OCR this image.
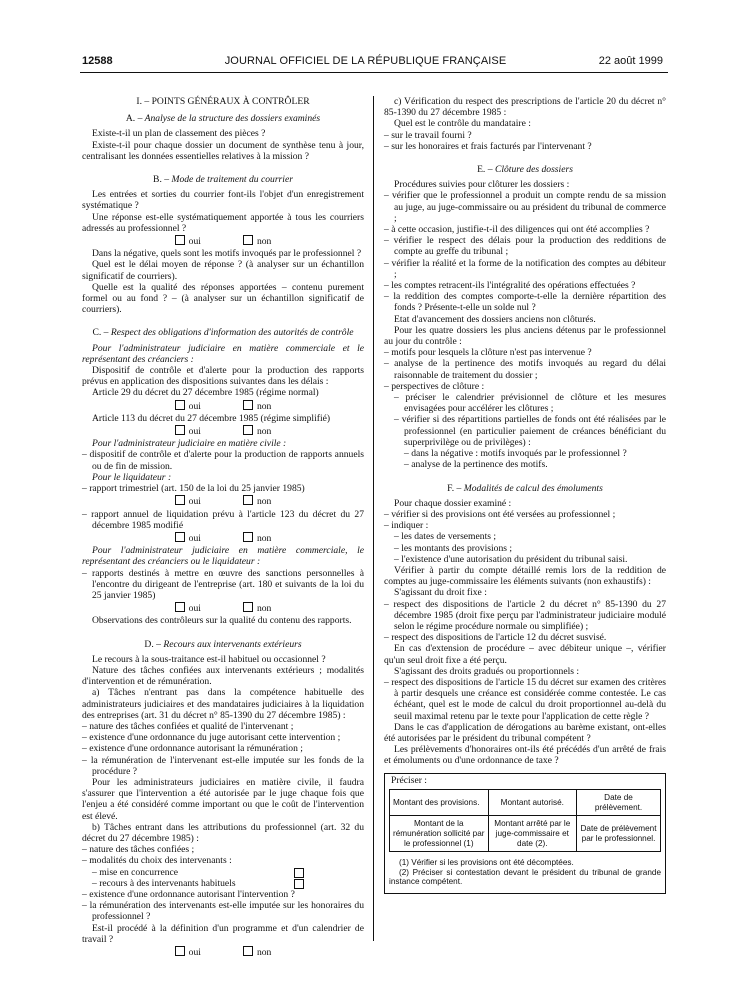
12588	JOURNAL OFFICIEL DE LA RÉPUBLIQUE FRANÇAISE	22 août 1999

I. – POINTS GÉNÉRAUX À CONTRÔLER

A. – Analyse de la structure des dossiers examinés

Existe-t-il un plan de classement des pièces ?

Existe-t-il pour chaque dossier un document de synthèse tenu à jour, centralisant les données essentielles relatives à la mission ?

B. – Mode de traitement du courrier

Les entrées et sorties du courrier font-ils l'objet d'un enregistrement systématique ?

Une réponse est-elle systématiquement apportée à tous les courriers adressés au professionnel ?

oui	non

Dans la négative, quels sont les motifs invoqués par le professionnel ?

Quel est le délai moyen de réponse ? (à analyser sur un échantillon significatif de courriers).

Quelle est la qualité des réponses apportées – contenu purement formel ou au fond ? – (à analyser sur un échantillon significatif de courriers).

C. – Respect des obligations d'information des autorités de contrôle

Pour l'administrateur judiciaire en matière commerciale et le représentant des créanciers :

Dispositif de contrôle et d'alerte pour la production des rapports prévus en application des dispositions suivantes dans les délais :

Article 29 du décret du 27 décembre 1985 (régime normal)

oui	non

Article 113 du décret du 27 décembre 1985 (régime simplifié)

oui	non

Pour l'administrateur judiciaire en matière civile :

– dispositif de contrôle et d'alerte pour la production de rapports annuels ou de fin de mission.

Pour le liquidateur :

– rapport trimestriel (art. 150 de la loi du 25 janvier 1985)

oui	non

– rapport annuel de liquidation prévu à l'article 123 du décret du 27 décembre 1985 modifié

oui	non

Pour l'administrateur judiciaire en matière commerciale, le représentant des créanciers ou le liquidateur :

– rapports destinés à mettre en œuvre des sanctions personnelles à l'encontre du dirigeant de l'entreprise (art. 180 et suivants de la loi du 25 janvier 1985)

oui	non

Observations des contrôleurs sur la qualité du contenu des rapports.

D. – Recours aux intervenants extérieurs

Le recours à la sous-traitance est-il habituel ou occasionnel ?

Nature des tâches confiées aux intervenants extérieurs ; modalités d'intervention et de rémunération.

a) Tâches n'entrant pas dans la compétence habituelle des administrateurs judiciaires et des mandataires judiciaires à la liquidation des entreprises (art. 31 du décret n° 85-1390 du 27 décembre 1985) :

– nature des tâches confiées et qualité de l'intervenant ;

– existence d'une ordonnance du juge autorisant cette intervention ;

– existence d'une ordonnance autorisant la rémunération ;

– la rémunération de l'intervenant est-elle imputée sur les fonds de la procédure ?

Pour les administrateurs judiciaires en matière civile, il faudra s'assurer que l'intervention a été autorisée par le juge chaque fois que l'enjeu a été considéré comme important ou que le coût de l'intervention est élevé.

b) Tâches entrant dans les attributions du professionnel (art. 32 du décret du 27 décembre 1985) :

– nature des tâches confiées ;

– modalités du choix des intervenants :

– mise en concurrence

– recours à des intervenants habituels

– existence d'une ordonnance autorisant l'intervention ?

– la rémunération des intervenants est-elle imputée sur les honoraires du professionnel ?

Est-il procédé à la définition d'un programme et d'un calendrier de travail ?

oui	non

c) Vérification du respect des prescriptions de l'article 20 du décret n° 85-1390 du 27 décembre 1985 :

Quel est le contrôle du mandataire :

– sur le travail fourni ?

– sur les honoraires et frais facturés par l'intervenant ?

E. – Clôture des dossiers

Procédures suivies pour clôturer les dossiers :

– vérifier que le professionnel a produit un compte rendu de sa mission au juge, au juge-commissaire ou au président du tribunal de commerce ;

– à cette occasion, justifie-t-il des diligences qui ont été accomplies ?

– vérifier le respect des délais pour la production des redditions de compte au greffe du tribunal ;

– vérifier la réalité et la forme de la notification des comptes au débiteur ;

– les comptes retracent-ils l'intégralité des opérations effectuées ?

– la reddition des comptes comporte-t-elle la dernière répartition des fonds ? Présente-t-elle un solde nul ?

Etat d'avancement des dossiers anciens non clôturés.

Pour les quatre dossiers les plus anciens détenus par le professionnel au jour du contrôle :

– motifs pour lesquels la clôture n'est pas intervenue ?

– analyse de la pertinence des motifs invoqués au regard du délai raisonnable de traitement du dossier ;

– perspectives de clôture :

– préciser le calendrier prévisionnel de clôture et les mesures envisagées pour accélérer les clôtures ;

– vérifier si des répartitions partielles de fonds ont été réalisées par le professionnel (en particulier paiement de créances bénéficiant du superprivilège ou de privilèges) :

– dans la négative : motifs invoqués par le professionnel ?

– analyse de la pertinence des motifs.

F. – Modalités de calcul des émoluments

Pour chaque dossier examiné :

– vérifier si des provisions ont été versées au professionnel ;

– indiquer :

– les dates de versements ;

– les montants des provisions ;

– l'existence d'une autorisation du président du tribunal saisi.

Vérifier à partir du compte détaillé remis lors de la reddition de comptes au juge-commissaire les éléments suivants (non exhaustifs) :

S'agissant du droit fixe :

– respect des dispositions de l'article 2 du décret n° 85-1390 du 27 décembre 1985 (droit fixe perçu par l'administrateur judiciaire modulé selon le régime procédure normale ou simplifiée) ;

– respect des dispositions de l'article 12 du décret susvisé.

En cas d'extension de procédure – avec débiteur unique –, vérifier qu'un seul droit fixe a été perçu.

S'agissant des droits gradués ou proportionnels :

– respect des dispositions de l'article 15 du décret sur examen des critères à partir desquels une créance est considérée comme contestée. Le cas échéant, quel est le mode de calcul du droit proportionnel au-delà du seuil maximal retenu par le texte pour l'application de cette règle ?

Dans le cas d'application de dérogations au barème existant, ont-elles été autorisées par le président du tribunal compétent ?

Les prélèvements d'honoraires ont-ils été précédés d'un arrêté de frais et émoluments ou d'une ordonnance de taxe ?

Préciser :

Montant des provisions.	Montant autorisé.	Date de prélèvement.
Montant de la rémunération sollicité par le professionnel (1)	Montant arrêté par le juge-commissaire et date (2).	Date de prélèvement par le professionnel.

(1) Vérifier si les provisions ont été décomptées.

(2) Préciser si contestation devant le président du tribunal de grande instance compétent.
